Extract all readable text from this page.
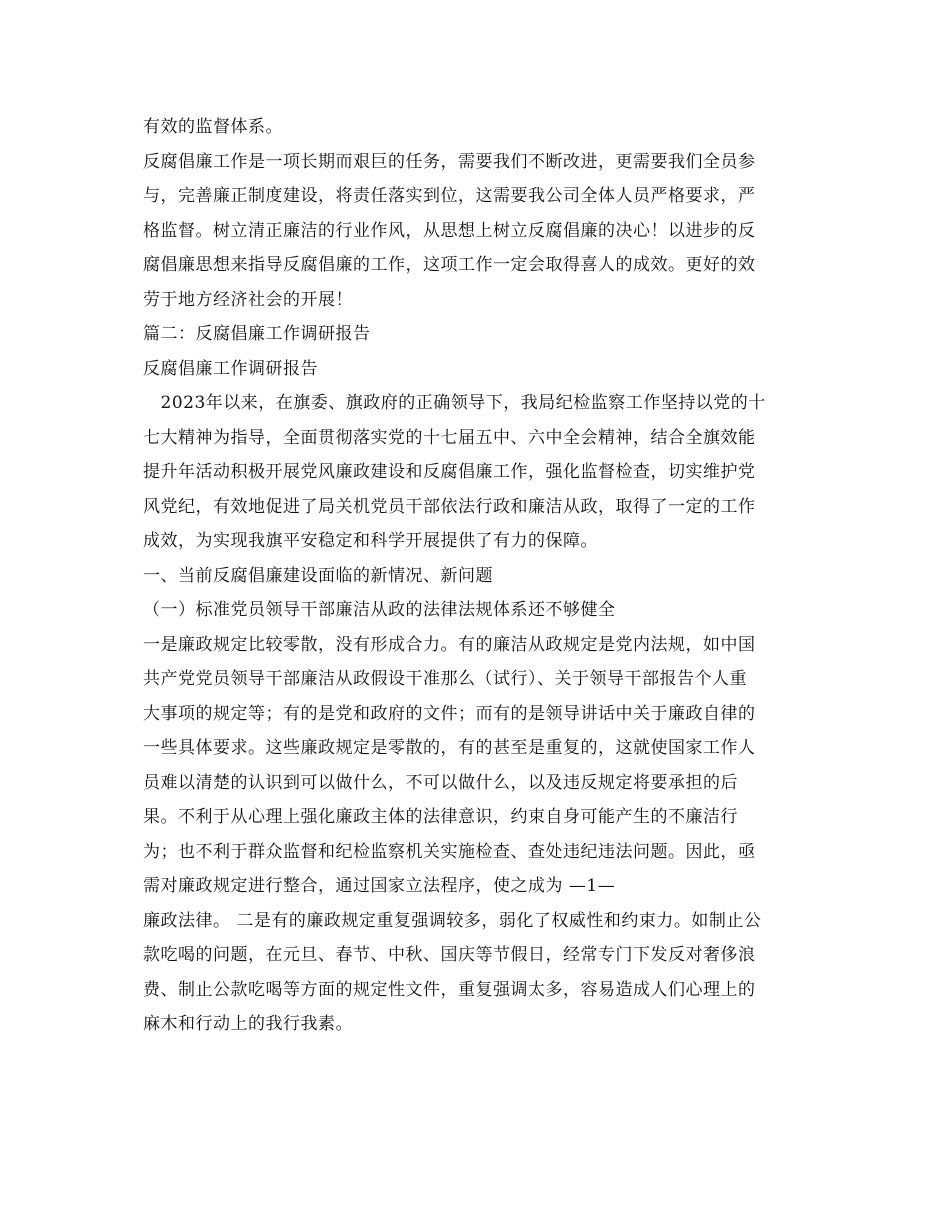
有效的监督体系。
反腐倡廉工作是一项长期而艰巨的任务，需要我们不断改进，更需要我们全员参
与，完善廉正制度建设，将责任落实到位，这需要我公司全体人员严格要求，严
格监督。树立清正廉洁的行业作风，从思想上树立反腐倡廉的决心！以进步的反
腐倡廉思想来指导反腐倡廉的工作，这项工作一定会取得喜人的成效。更好的效
劳于地方经济社会的开展！
篇二：反腐倡廉工作调研报告
反腐倡廉工作调研报告
　2023年以来，在旗委、旗政府的正确领导下，我局纪检监察工作坚持以党的十
七大精神为指导，全面贯彻落实党的十七届五中、六中全会精神，结合全旗效能
提升年活动积极开展党风廉政建设和反腐倡廉工作，强化监督检查，切实维护党
风党纪，有效地促进了局关机党员干部依法行政和廉洁从政，取得了一定的工作
成效，为实现我旗平安稳定和科学开展提供了有力的保障。
一、当前反腐倡廉建设面临的新情况、新问题
（一）标准党员领导干部廉洁从政的法律法规体系还不够健全
一是廉政规定比较零散，没有形成合力。有的廉洁从政规定是党内法规，如中国
共产党党员领导干部廉洁从政假设干准那么（试行）、关于领导干部报告个人重
大事项的规定等；有的是党和政府的文件；而有的是领导讲话中关于廉政自律的
一些具体要求。这些廉政规定是零散的，有的甚至是重复的，这就使国家工作人
员难以清楚的认识到可以做什么，不可以做什么，以及违反规定将要承担的后
果。不利于从心理上强化廉政主体的法律意识，约束自身可能产生的不廉洁行
为；也不利于群众监督和纪检监察机关实施检查、查处违纪违法问题。因此，亟
需对廉政规定进行整合，通过国家立法程序，使之成为 —1—
廉政法律。 二是有的廉政规定重复强调较多，弱化了权威性和约束力。如制止公
款吃喝的问题，在元旦、春节、中秋、国庆等节假日，经常专门下发反对奢侈浪
费、制止公款吃喝等方面的规定性文件，重复强调太多，容易造成人们心理上的
麻木和行动上的我行我素。
